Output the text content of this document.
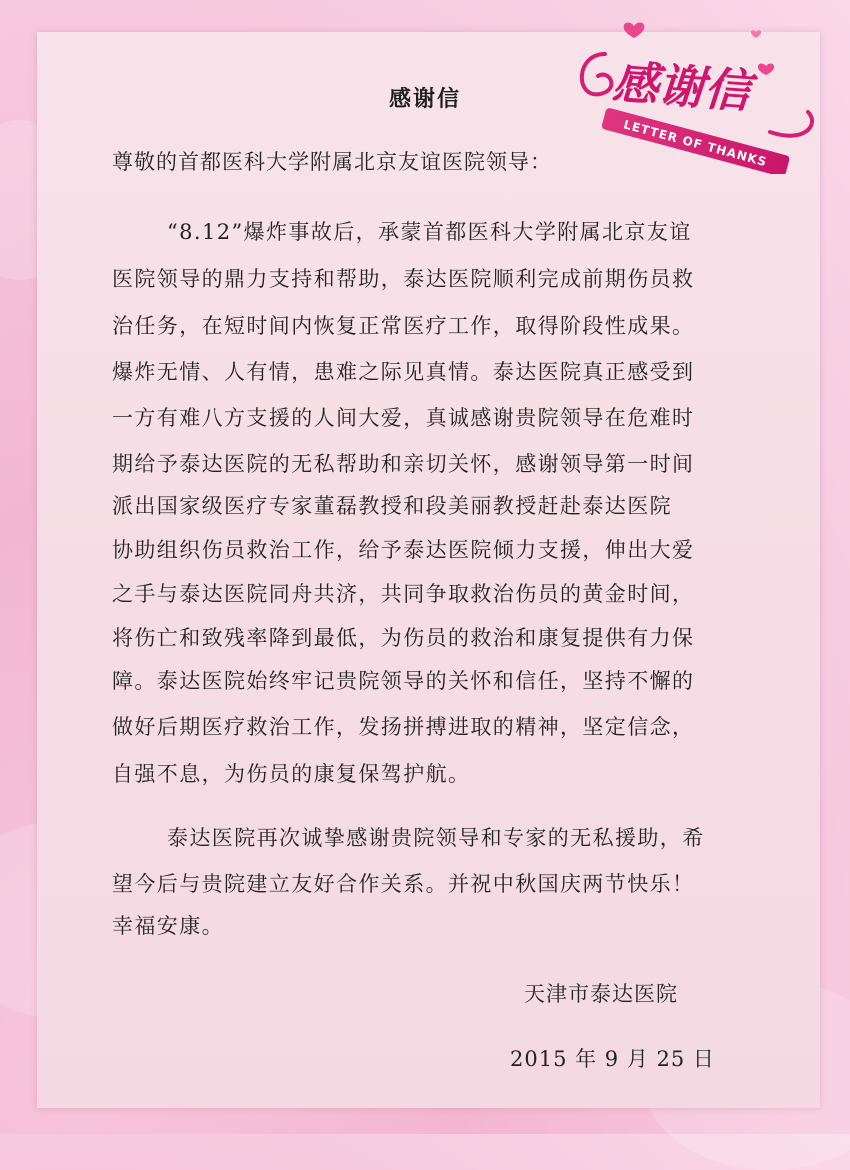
感谢信
尊敬的首都医科大学附属北京友谊医院领导：
“8.12”爆炸事故后，承蒙首都医科大学附属北京友谊
医院领导的鼎力支持和帮助，泰达医院顺利完成前期伤员救
治任务，在短时间内恢复正常医疗工作，取得阶段性成果。
爆炸无情、人有情，患难之际见真情。泰达医院真正感受到
一方有难八方支援的人间大爱，真诚感谢贵院领导在危难时
期给予泰达医院的无私帮助和亲切关怀，感谢领导第一时间
派出国家级医疗专家董磊教授和段美丽教授赶赴泰达医院
协助组织伤员救治工作，给予泰达医院倾力支援，伸出大爱
之手与泰达医院同舟共济，共同争取救治伤员的黄金时间，
将伤亡和致残率降到最低，为伤员的救治和康复提供有力保
障。泰达医院始终牢记贵院领导的关怀和信任，坚持不懈的
做好后期医疗救治工作，发扬拼搏进取的精神，坚定信念，
自强不息，为伤员的康复保驾护航。
泰达医院再次诚挚感谢贵院领导和专家的无私援助，希
望今后与贵院建立友好合作关系。并祝中秋国庆两节快乐！
幸福安康。
天津市泰达医院
2015 年 9 月 25 日
感谢信
LETTER OF THANKS
